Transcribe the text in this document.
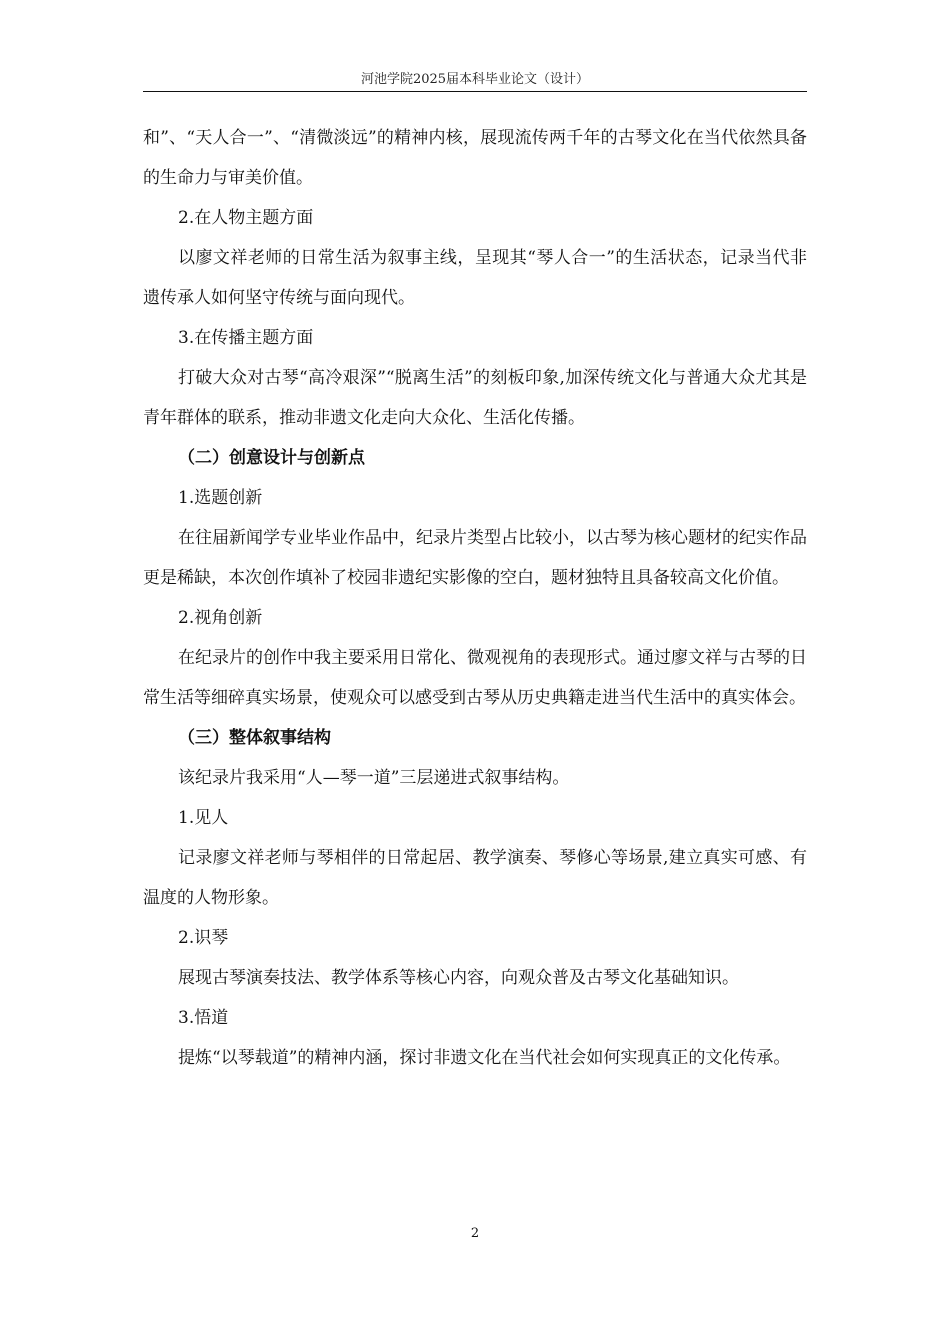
河池学院2025届本科毕业论文（设计）

和”、“天人合一”、“清微淡远”的精神内核，展现流传两千年的古琴文化在当代依然具备的生命力与审美价值。

2.在人物主题方面

以廖文祥老师的日常生活为叙事主线，呈现其“琴人合一”的生活状态，记录当代非遗传承人如何坚守传统与面向现代。

3.在传播主题方面

打破大众对古琴“高冷艰深”“脱离生活”的刻板印象,加深传统文化与普通大众尤其是青年群体的联系，推动非遗文化走向大众化、生活化传播。

（二）创意设计与创新点

1.选题创新

在往届新闻学专业毕业作品中，纪录片类型占比较小，以古琴为核心题材的纪实作品更是稀缺，本次创作填补了校园非遗纪实影像的空白，题材独特且具备较高文化价值。

2.视角创新

在纪录片的创作中我主要采用日常化、微观视角的表现形式。通过廖文祥与古琴的日常生活等细碎真实场景，使观众可以感受到古琴从历史典籍走进当代生活中的真实体会。

（三）整体叙事结构

该纪录片我采用“人—琴一道”三层递进式叙事结构。

1.见人

记录廖文祥老师与琴相伴的日常起居、教学演奏、琴修心等场景,建立真实可感、有温度的人物形象。

2.识琴

展现古琴演奏技法、教学体系等核心内容，向观众普及古琴文化基础知识。

3.悟道

提炼“以琴载道”的精神内涵，探讨非遗文化在当代社会如何实现真正的文化传承。

2
